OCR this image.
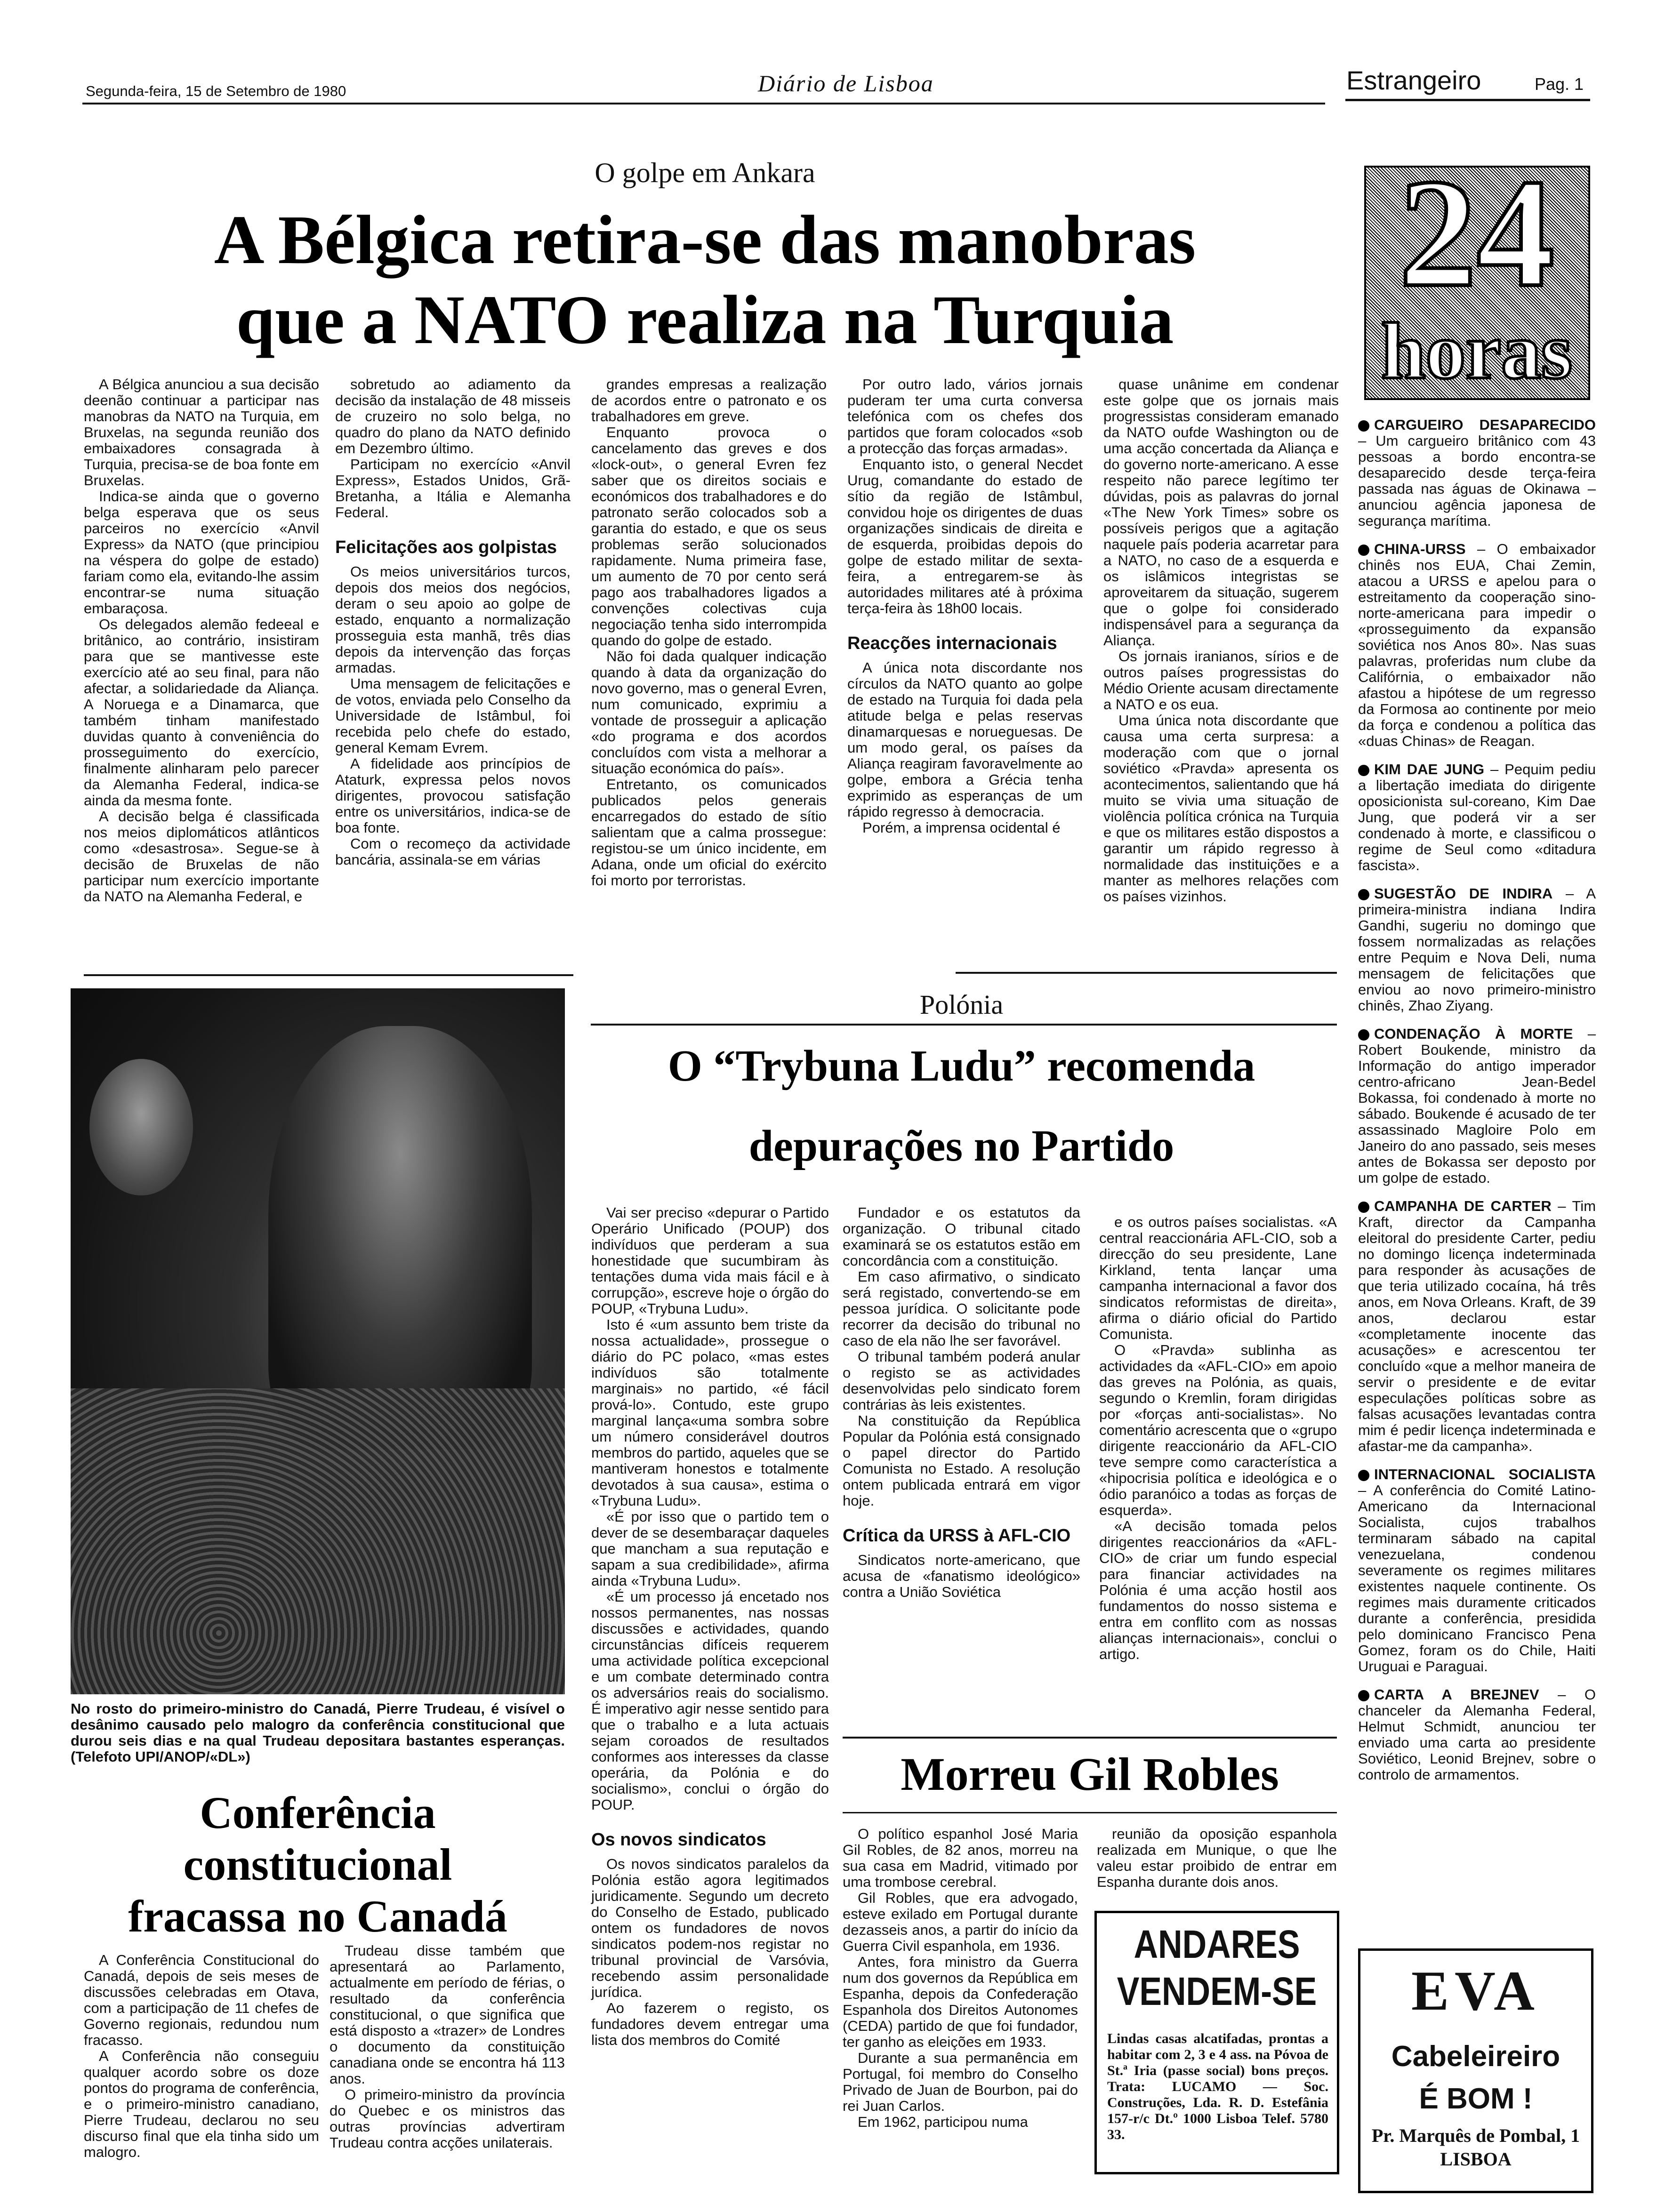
Segunda-feira, 15 de Setembro de 1980	Diário de Lisboa	Estrangeiro	Pag. 1
O golpe em Ankara
A Bélgica retira-se das manobras
que a NATO realiza na Turquia

A Bélgica anunciou a sua decisão deenão continuar a participar nas manobras da NATO na Turquia, em Bruxelas, na segunda reunião dos embaixadores consagrada à Turquia, precisa-se de boa fonte em Bruxelas.

Indica-se ainda que o governo belga esperava que os seus parceiros no exercício «Anvil Express» da NATO (que principiou na véspera do golpe de estado) fariam como ela, evitando-lhe assim encontrar-se numa situação embaraçosa.

Os delegados alemão fedeeal e britânico, ao contrário, insistiram para que se mantivesse este exercício até ao seu final, para não afectar, a solidariedade da Aliança. A Noruega e a Dinamarca, que também tinham manifestado duvidas quanto à conveniência do prosseguimento do exercício, finalmente alinharam pelo parecer da Alemanha Federal, indica-se ainda da mesma fonte.

A decisão belga é classificada nos meios diplomáticos atlânticos como «desastrosa». Segue-se à decisão de Bruxelas de não participar num exercício importante da NATO na Alemanha Federal, e

sobretudo ao adiamento da decisão da instalação de 48 misseis de cruzeiro no solo belga, no quadro do plano da NATO definido em Dezembro último.

Participam no exercício «Anvil Express», Estados Unidos, Grã-Bretanha, a Itália e Alemanha Federal.

Felicitações aos golpistas

Os meios universitários turcos, depois dos meios dos negócios, deram o seu apoio ao golpe de estado, enquanto a normalização prosseguia esta manhã, três dias depois da intervenção das forças armadas.

Uma mensagem de felicitações e de votos, enviada pelo Conselho da Universidade de Istâmbul, foi recebida pelo chefe do estado, general Kemam Evrem.

A fidelidade aos princípios de Ataturk, expressa pelos novos dirigentes, provocou satisfação entre os universitários, indica-se de boa fonte.

Com o recomeço da actividade bancária, assinala-se em várias

grandes empresas a realização de acordos entre o patronato e os trabalhadores em greve.

Enquanto provoca o cancelamento das greves e dos «lock-out», o general Evren fez saber que os direitos sociais e económicos dos trabalhadores e do patronato serão colocados sob a garantia do estado, e que os seus problemas serão solucionados rapidamente. Numa primeira fase, um aumento de 70 por cento será pago aos trabalhadores ligados a convenções colectivas cuja negociação tenha sido interrompida quando do golpe de estado.

Não foi dada qualquer indicação quando à data da organização do novo governo, mas o general Evren, num comunicado, exprimiu a vontade de prosseguir a aplicação «do programa e dos acordos concluídos com vista a melhorar a situação económica do país».

Entretanto, os comunicados publicados pelos generais encarregados do estado de sítio salientam que a calma prossegue: registou-se um único incidente, em Adana, onde um oficial do exército foi morto por terroristas.

Por outro lado, vários jornais puderam ter uma curta conversa telefónica com os chefes dos partidos que foram colocados «sob a protecção das forças armadas».

Enquanto isto, o general Necdet Urug, comandante do estado de sítio da região de Istâmbul, convidou hoje os dirigentes de duas organizações sindicais de direita e de esquerda, proibidas depois do golpe de estado militar de sexta-feira, a entregarem-se às autoridades militares até à próxima terça-feira às 18h00 locais.

Reacções internacionais

A única nota discordante nos círculos da NATO quanto ao golpe de estado na Turquia foi dada pela atitude belga e pelas reservas dinamarquesas e norueguesas. De um modo geral, os países da Aliança reagiram favoravelmente ao golpe, embora a Grécia tenha exprimido as esperanças de um rápido regresso à democracia.

Porém, a imprensa ocidental é

quase unânime em condenar este golpe que os jornais mais progressistas consideram emanado da NATO oufde Washington ou de uma acção concertada da Aliança e do governo norte-americano. A esse respeito não parece legítimo ter dúvidas, pois as palavras do jornal «The New York Times» sobre os possíveis perigos que a agitação naquele país poderia acarretar para a NATO, no caso de a esquerda e os islâmicos integristas se aproveitarem da situação, sugerem que o golpe foi considerado indispensável para a segurança da Aliança.

Os jornais iranianos, sírios e de outros países progressistas do Médio Oriente acusam directamente a NATO e os eua.

Uma única nota discordante que causa uma certa surpresa: a moderação com que o jornal soviético «Pravda» apresenta os acontecimentos, salientando que há muito se vivia uma situação de violência política crónica na Turquia e que os militares estão dispostos a garantir um rápido regresso à normalidade das instituições e a manter as melhores relações com os países vizinhos.

24
horas
CARGUEIRO DESAPARECIDO – Um cargueiro britânico com 43 pessoas a bordo encontra-se desaparecido desde terça-feira passada nas águas de Okinawa – anunciou agência japonesa de segurança marítima.
CHINA-URSS – O embaixador chinês nos EUA, Chai Zemin, atacou a URSS e apelou para o estreitamento da cooperação sino-norte-americana para impedir o «prosseguimento da expansão soviética nos Anos 80». Nas suas palavras, proferidas num clube da Califórnia, o embaixador não afastou a hipótese de um regresso da Formosa ao continente por meio da força e condenou a política das «duas Chinas» de Reagan.
KIM DAE JUNG – Pequim pediu a libertação imediata do dirigente oposicionista sul-coreano, Kim Dae Jung, que poderá vir a ser condenado à morte, e classificou o regime de Seul como «ditadura fascista».
SUGESTÃO DE INDIRA – A primeira-ministra indiana Indira Gandhi, sugeriu no domingo que fossem normalizadas as relações entre Pequim e Nova Deli, numa mensagem de felicitações que enviou ao novo primeiro-ministro chinês, Zhao Ziyang.
CONDENAÇÃO À MORTE – Robert Boukende, ministro da Informação do antigo imperador centro-africano Jean-Bedel Bokassa, foi condenado à morte no sábado. Boukende é acusado de ter assassinado Magloire Polo em Janeiro do ano passado, seis meses antes de Bokassa ser deposto por um golpe de estado.
CAMPANHA DE CARTER – Tim Kraft, director da Campanha eleitoral do presidente Carter, pediu no domingo licença indeterminada para responder às acusações de que teria utilizado cocaína, há três anos, em Nova Orleans. Kraft, de 39 anos, declarou estar «completamente inocente das acusações» e acrescentou ter concluído «que a melhor maneira de servir o presidente e de evitar especulações políticas sobre as falsas acusações levantadas contra mim é pedir licença indeterminada e afastar-me da campanha».
INTERNACIONAL SOCIALISTA – A conferência do Comité Latino-Americano da Internacional Socialista, cujos trabalhos terminaram sábado na capital venezuelana, condenou severamente os regimes militares existentes naquele continente. Os regimes mais duramente criticados durante a conferência, presidida pelo dominicano Francisco Pena Gomez, foram os do Chile, Haiti Uruguai e Paraguai.
CARTA A BREJNEV – O chanceler da Alemanha Federal, Helmut Schmidt, anunciou ter enviado uma carta ao presidente Soviético, Leonid Brejnev, sobre o controlo de armamentos.
No rosto do primeiro-ministro do Canadá, Pierre Trudeau, é visível o desânimo causado pelo malogro da conferência constitucional que durou seis dias e na qual Trudeau depositara bastantes esperanças. (Telefoto UPI/ANOP/«DL»)
Conferência
constitucional
fracassa no Canadá

A Conferência Constitucional do Canadá, depois de seis meses de discussões celebradas em Otava, com a participação de 11 chefes de Governo regionais, redundou num fracasso.

A Conferência não conseguiu qualquer acordo sobre os doze pontos do programa de conferência, e o primeiro-ministro canadiano, Pierre Trudeau, declarou no seu discurso final que ela tinha sido um malogro.

Trudeau disse também que apresentará ao Parlamento, actualmente em período de férias, o resultado da conferência constitucional, o que significa que está disposto a «trazer» de Londres o documento da constituição canadiana onde se encontra há 113 anos.

O primeiro-ministro da província do Quebec e os ministros das outras províncias advertiram Trudeau contra acções unilaterais.

Polónia
O “Trybuna Ludu” recomenda
depurações no Partido

Vai ser preciso «depurar o Partido Operário Unificado (POUP) dos indivíduos que perderam a sua honestidade que sucumbiram às tentações duma vida mais fácil e à corrupção», escreve hoje o órgão do POUP, «Trybuna Ludu».

Isto é «um assunto bem triste da nossa actualidade», prossegue o diário do PC polaco, «mas estes indivíduos são totalmente marginais» no partido, «é fácil prová-lo». Contudo, este grupo marginal lança«uma sombra sobre um número considerável doutros membros do partido, aqueles que se mantiveram honestos e totalmente devotados à sua causa», estima o «Trybuna Ludu».

«É por isso que o partido tem o dever de se desembaraçar daqueles que mancham a sua reputação e sapam a sua credibilidade», afirma ainda «Trybuna Ludu».

«É um processo já encetado nos nossos permanentes, nas nossas discussões e actividades, quando circunstâncias difíceis requerem uma actividade política excepcional e um combate determinado contra os adversários reais do socialismo. É imperativo agir nesse sentido para que o trabalho e a luta actuais sejam coroados de resultados conformes aos interesses da classe operária, da Polónia e do socialismo», conclui o órgão do POUP.

Os novos sindicatos

Os novos sindicatos paralelos da Polónia estão agora legitimados juridicamente. Segundo um decreto do Conselho de Estado, publicado ontem os fundadores de novos sindicatos podem-nos registar no tribunal provincial de Varsóvia, recebendo assim personalidade jurídica.

Ao fazerem o registo, os fundadores devem entregar uma lista dos membros do Comité

Fundador e os estatutos da organização. O tribunal citado examinará se os estatutos estão em concordância com a constituição.

Em caso afirmativo, o sindicato será registado, convertendo-se em pessoa jurídica. O solicitante pode recorrer da decisão do tribunal no caso de ela não lhe ser favorável.

O tribunal também poderá anular o registo se as actividades desenvolvidas pelo sindicato forem contrárias às leis existentes.

Na constituição da República Popular da Polónia está consignado o papel director do Partido Comunista no Estado. A resolução ontem publicada entrará em vigor hoje.

Crítica da URSS à AFL-CIO

Sindicatos norte-americano, que acusa de «fanatismo ideológico» contra a União Soviética

e os outros países socialistas. «A central reaccionária AFL-CIO, sob a direcção do seu presidente, Lane Kirkland, tenta lançar uma campanha internacional a favor dos sindicatos reformistas de direita», afirma o diário oficial do Partido Comunista.

O «Pravda» sublinha as actividades da «AFL-CIO» em apoio das greves na Polónia, as quais, segundo o Kremlin, foram dirigidas por «forças anti-socialistas». No comentário acrescenta que o «grupo dirigente reaccionário da AFL-CIO teve sempre como característica a «hipocrisia política e ideológica e o ódio paranóico a todas as forças de esquerda».

«A decisão tomada pelos dirigentes reaccionários da «AFL-CIO» de criar um fundo especial para financiar actividades na Polónia é uma acção hostil aos fundamentos do nosso sistema e entra em conflito com as nossas alianças internacionais», conclui o artigo.

Morreu Gil Robles

O político espanhol José Maria Gil Robles, de 82 anos, morreu na sua casa em Madrid, vitimado por uma trombose cerebral.

Gil Robles, que era advogado, esteve exilado em Portugal durante dezasseis anos, a partir do início da Guerra Civil espanhola, em 1936.

Antes, fora ministro da Guerra num dos governos da República em Espanha, depois da Confederação Espanhola dos Direitos Autonomes (CEDA) partido de que foi fundador, ter ganho as eleições em 1933.

Durante a sua permanência em Portugal, foi membro do Conselho Privado de Juan de Bourbon, pai do rei Juan Carlos.

Em 1962, participou numa

reunião da oposição espanhola realizada em Munique, o que lhe valeu estar proibido de entrar em Espanha durante dois anos.

ANDARES
VENDEM-SE
Lindas casas alcatifadas, prontas a habitar com 2, 3 e 4 ass. na Póvoa de St.ª Iria (passe social) bons preços. Trata: LUCAMO — Soc. Construções, Lda. R. D. Estefânia 157-r/c Dt.º 1000 Lisboa Telef. 5780 33.
EVA
Cabeleireiro
É BOM !
Pr. Marquês de Pombal, 1
LISBOA
